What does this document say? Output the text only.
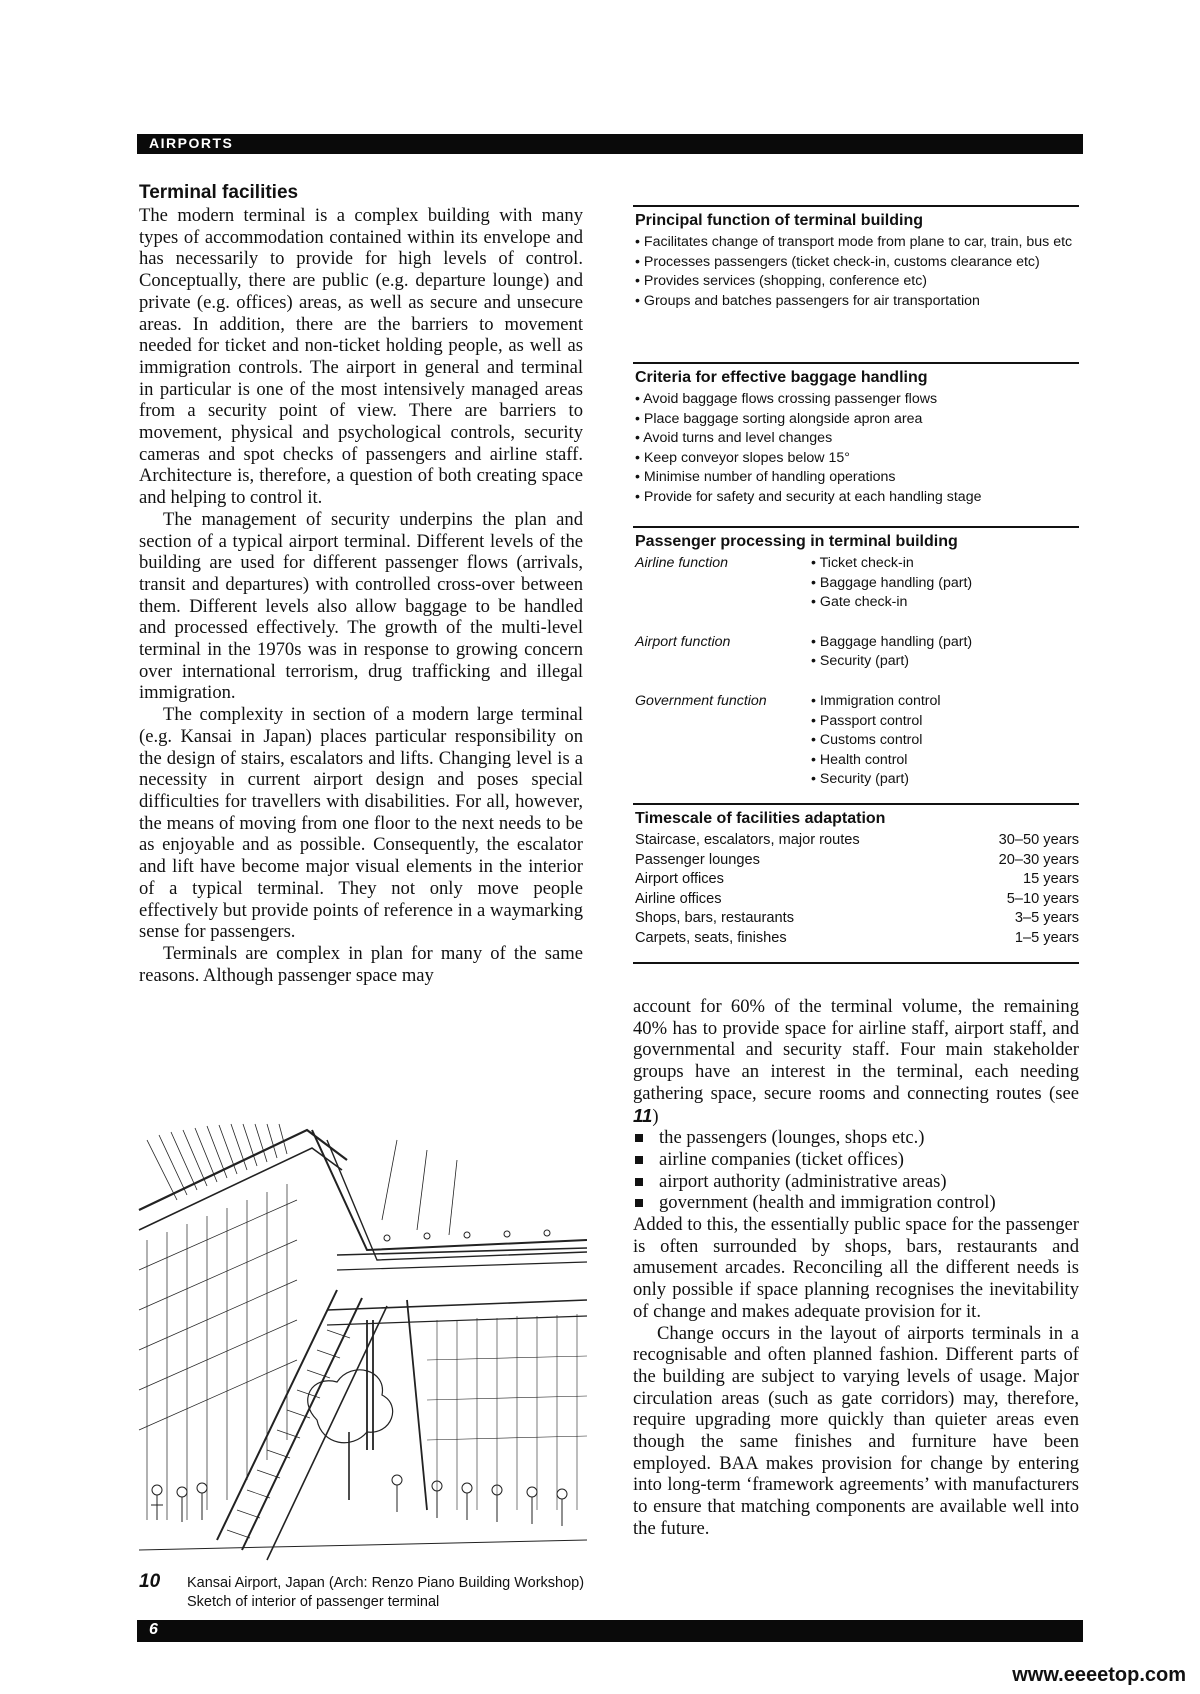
AIRPORTS
6
www.eeeetop.com
Terminal facilities

The modern terminal is a complex building with many types of accommodation contained within its envelope and has necessarily to provide for high levels of control. Conceptually, there are public (e.g. departure lounge) and private (e.g. offices) areas, as well as secure and unsecure areas. In addition, there are the barriers to movement needed for ticket and non-ticket holding people, as well as immigration controls. The airport in general and terminal in particular is one of the most intensively managed areas from a security point of view. There are barriers to movement, physical and psychological controls, security cameras and spot checks of passengers and airline staff. Architecture is, therefore, a question of both creating space and helping to control it.

The management of security underpins the plan and section of a typical airport terminal. Different levels of the building are used for different passenger flows (arrivals, transit and departures) with controlled cross-over between them. Different levels also allow baggage to be handled and processed effectively. The growth of the multi-level terminal in the 1970s was in response to growing concern over international terrorism, drug trafficking and illegal immigration.

The complexity in section of a modern large terminal (e.g. Kansai in Japan) places particular responsibility on the design of stairs, escalators and lifts. Changing level is a necessity in current airport design and poses special difficulties for travellers with disabilities. For all, however, the means of moving from one floor to the next needs to be as enjoyable and as possible. Consequently, the escalator and lift have become major visual elements in the interior of a typical terminal. They not only move people effectively but provide points of reference in a waymarking sense for passengers.

Terminals are complex in plan for many of the same reasons. Although passenger space may

Principal function of terminal building
• Facilitates change of transport mode from plane to car, train, bus etc
• Processes passengers (ticket check-in, customs clearance etc)
• Provides services (shopping, conference etc)
• Groups and batches passengers for air transportation
Criteria for effective baggage handling
• Avoid baggage flows crossing passenger flows
• Place baggage sorting alongside apron area
• Avoid turns and level changes
• Keep conveyor slopes below 15°
• Minimise number of handling operations
• Provide for safety and security at each handling stage
Passenger processing in terminal building
Airline function	• Ticket check-in
• Baggage handling (part)
• Gate check-in
Airport function	• Baggage handling (part)
• Security (part)
Government function	• Immigration control
• Passport control
• Customs control
• Health control
• Security (part)
Timescale of facilities adaptation
Staircase, escalators, major routes	30–50 years
Passenger lounges	20–30 years
Airport offices	15 years
Airline offices	5–10 years
Shops, bars, restaurants	3–5 years
Carpets, seats, finishes	1–5 years

account for 60% of the terminal volume, the remaining 40% has to provide space for airline staff, airport staff, and governmental and security staff. Four main stakeholder groups have an interest in the terminal, each needing gathering space, secure rooms and connecting routes (see 11)

the passengers (lounges, shops etc.)
airline companies (ticket offices)
airport authority (administrative areas)
government (health and immigration control)

Added to this, the essentially public space for the passenger is often surrounded by shops, bars, restaurants and amusement arcades. Reconciling all the different needs is only possible if space planning recognises the inevitability of change and makes adequate provision for it.

Change occurs in the layout of airports terminals in a recognisable and often planned fashion. Different parts of the building are subject to varying levels of usage. Major circulation areas (such as gate corridors) may, therefore, require upgrading more quickly than quieter areas even though the same finishes and furniture have been employed. BAA makes provision for change by entering into long-term ‘framework agreements’ with manufacturers to ensure that matching components are available well into the future.

10	Kansai Airport, Japan (Arch: Renzo Piano Building Workshop)
Sketch of interior of passenger terminal
